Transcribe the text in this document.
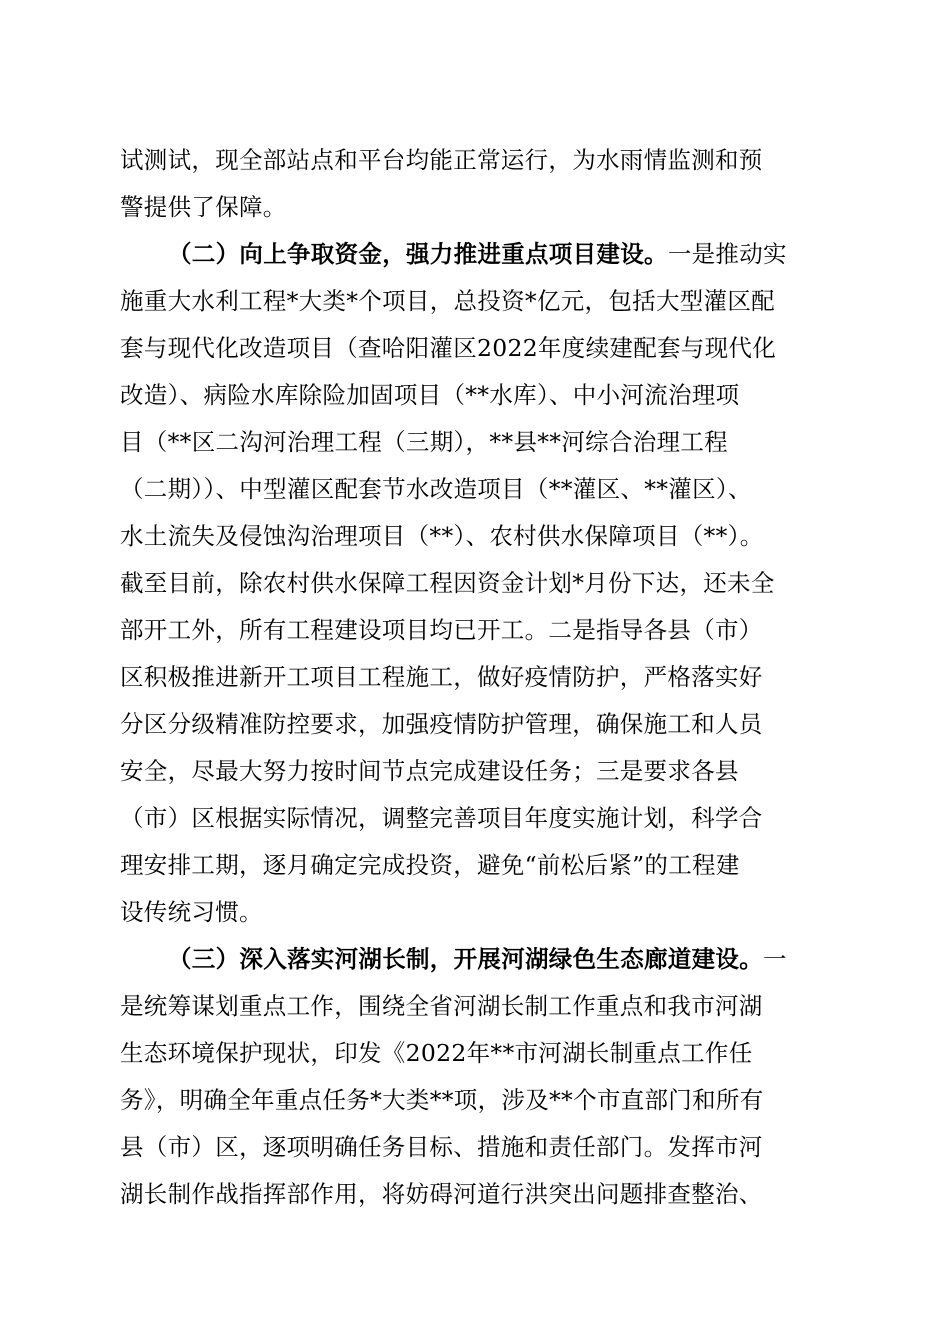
试测试，现全部站点和平台均能正常运行，为水雨情监测和预
警提供了保障。
（二）向上争取资金，强力推进重点项目建设。一是推动实
施重大水利工程*大类*个项目，总投资*亿元，包括大型灌区配
套与现代化改造项目（查哈阳灌区2022年度续建配套与现代化
改造）、病险水库除险加固项目（**水库）、中小河流治理项
目（**区二沟河治理工程（三期），**县**河综合治理工程
（二期））、中型灌区配套节水改造项目（**灌区、**灌区）、
水土流失及侵蚀沟治理项目（**）、农村供水保障项目（**）。
截至目前，除农村供水保障工程因资金计划*月份下达，还未全
部开工外，所有工程建设项目均已开工。二是指导各县（市）
区积极推进新开工项目工程施工，做好疫情防护，严格落实好
分区分级精准防控要求，加强疫情防护管理，确保施工和人员
安全，尽最大努力按时间节点完成建设任务；三是要求各县
（市）区根据实际情况，调整完善项目年度实施计划，科学合
理安排工期，逐月确定完成投资，避免“前松后紧”的工程建
设传统习惯。
（三）深入落实河湖长制，开展河湖绿色生态廊道建设。一
是统筹谋划重点工作，围绕全省河湖长制工作重点和我市河湖
生态环境保护现状，印发《2022年**市河湖长制重点工作任
务》，明确全年重点任务*大类**项，涉及**个市直部门和所有
县（市）区，逐项明确任务目标、措施和责任部门。发挥市河
湖长制作战指挥部作用，将妨碍河道行洪突出问题排查整治、
